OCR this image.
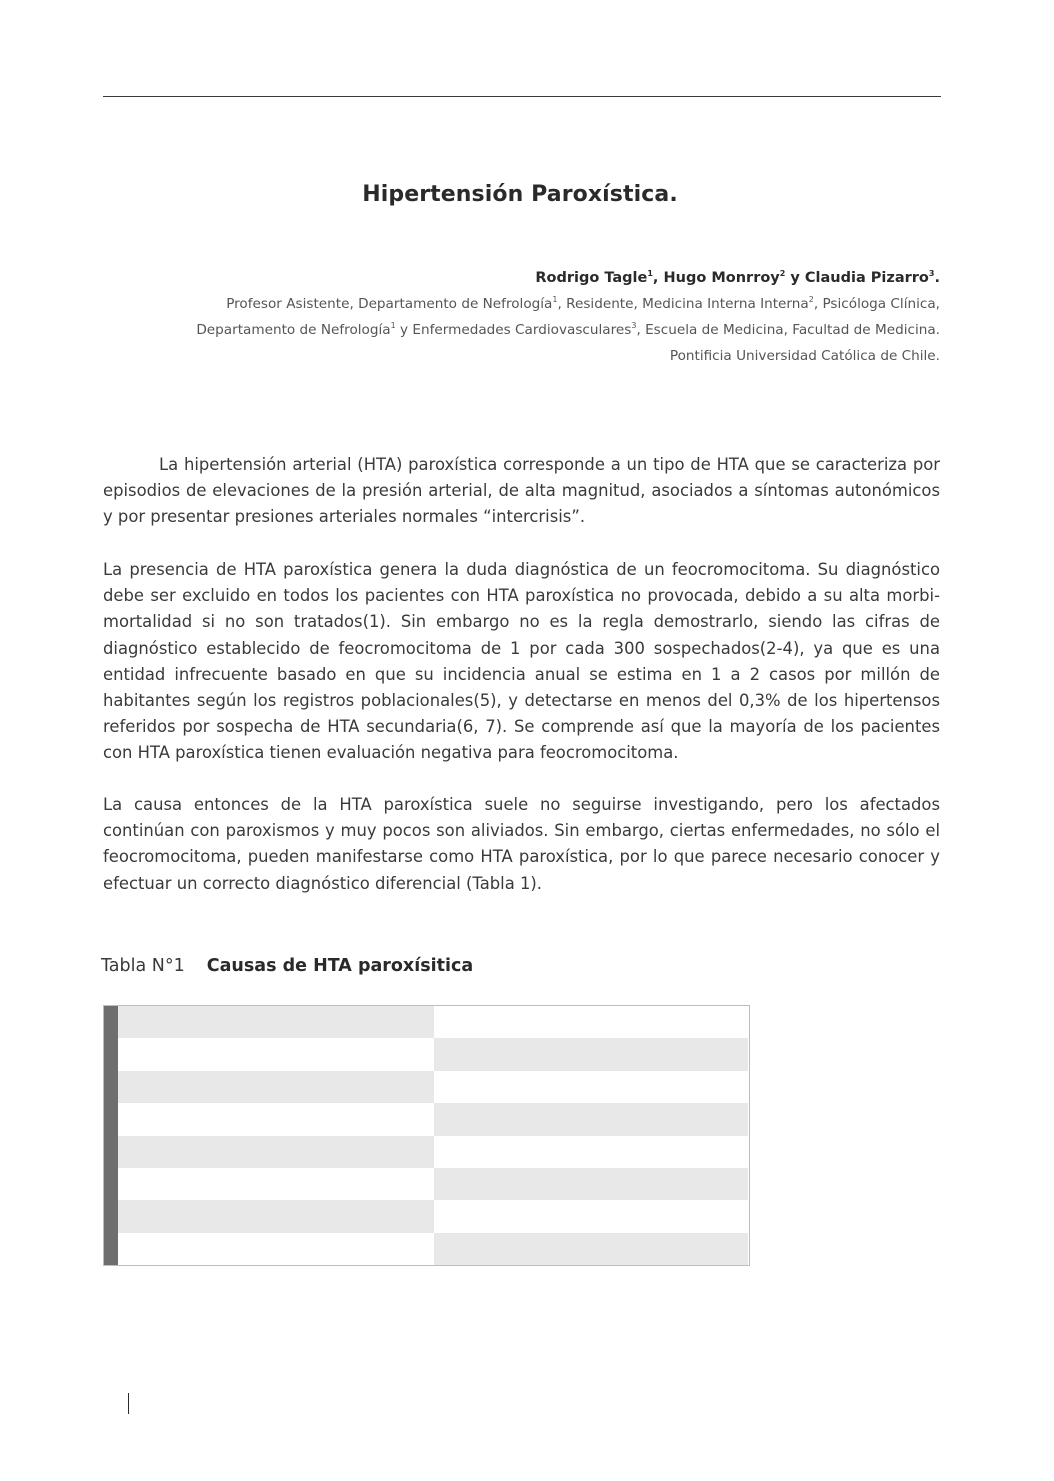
Hipertensión Paroxística.
Rodrigo Tagle$^1$, Hugo Monrroy$^2$ y Claudia Pizarro$^3$.
Profesor Asistente, Departamento de Nefrología$^1$, Residente, Medicina Interna Interna$^2$, Psicóloga Clínica,
Departamento de Nefrología$^1$ y Enfermedades Cardiovasculares$^3$, Escuela de Medicina, Facultad de Medicina.
Pontificia Universidad Católica de Chile.

La hipertensión arterial (HTA) paroxística corresponde a un tipo de HTA que se caracteriza por episodios de elevaciones de la presión arterial, de alta magnitud, asociados a síntomas autonómicos y por presentar presiones arteriales normales “intercrisis”.

La presencia de HTA paroxística genera la duda diagnóstica de un feocromocitoma. Su diagnóstico debe ser excluido en todos los pacientes con HTA paroxística no provocada, debido a su alta morbi-mortalidad si no son tratados(1). Sin embargo no es la regla demostrarlo, siendo las cifras de diagnóstico establecido de feocromocitoma de 1 por cada 300 sospechados(2-4), ya que es una entidad infrecuente basado en que su incidencia anual se estima en 1 a 2 casos por millón de habitantes según los registros poblacionales(5), y detectarse en menos del 0,3% de los hipertensos referidos por sospecha de HTA secundaria(6, 7). Se comprende así que la mayoría de los pacientes con HTA paroxística tienen evaluación negativa para feocromocitoma.

La causa entonces de la HTA paroxística suele no seguirse investigando, pero los afectados continúan con paroxismos y muy pocos son aliviados. Sin embargo, ciertas enfermedades, no sólo el feocromocitoma, pueden manifestarse como HTA paroxística, por lo que parece necesario conocer y efectuar un correcto diagnóstico diferencial (Tabla 1).

Tabla N°1 Causas de HTA paroxísitica
